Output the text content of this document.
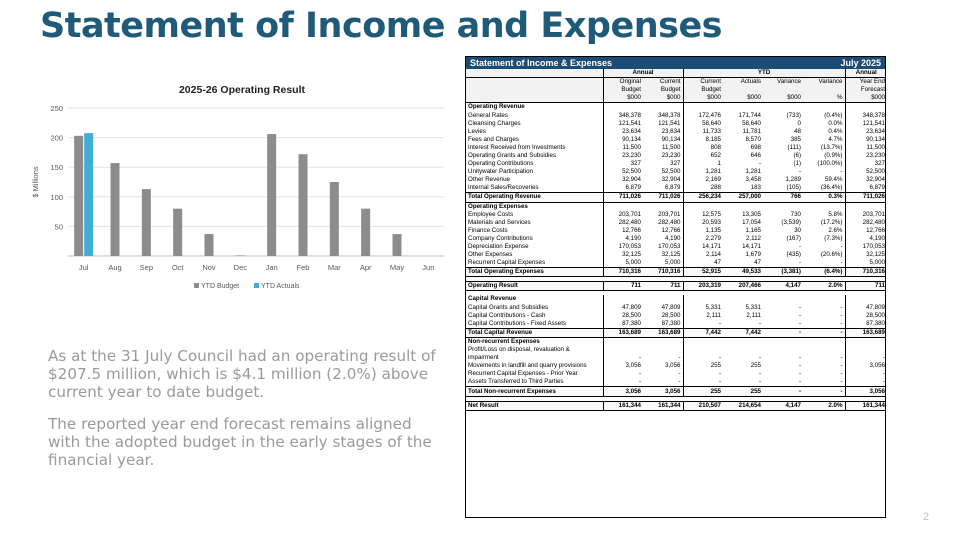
Statement of Income and Expenses
2025-26 Operating Result
50
100
150
200
250
$ Millions
Jul	Aug Sep	Oct	Nov Dec Jan	Feb Mar	Apr May Jun
YTD Budget	YTD Actuals
As at the 31 July Council had an operating result of $207.5 million, which is $4.1 million (2.0%) above current year to date budget.
The reported year end forecast remains aligned with the adopted budget in the early stages of the financial year.
Statement of Income & Expenses	July 2025
	Annual		YTD				Annual
	Original	Current	Current	Actuals	Variance	Variance	Year End
	Budget	Budget	Budget				Forecast
	$000	$000	$000	$000	$000	%	$000
Operating Revenue							
General Rates	348,378	348,378	172,476	171,744	(733)	(0.4%)	348,378
Cleansing Charges	121,541	121,541	58,640	58,640	0	0.0%	121,541
Levies	23,634	23,634	11,733	11,781	48	0.4%	23,634
Fees and Charges	90,134	90,134	8,185	8,570	385	4.7%	90,134
Interest Received from Investments	11,500	11,500	808	698	(111)	(13.7%)	11,500
Operating Grants and Subsidies	23,230	23,230	652	646	(6)	(0.9%)	23,230
Operating Contributions	327	327	1	-	(1)	(100.0%)	327
Unitywater Participation	52,500	52,500	1,281	1,281	-	-	52,500
Other Revenue	32,904	32,904	2,169	3,458	1,289	59.4%	32,904
Internal Sales/Recoveries	6,879	6,879	288	183	(105)	(36.4%)	6,879
Total Operating Revenue	711,026	711,026	256,234	257,000	766	0.3%	711,026
Operating Expenses							
Employee Costs	203,701	203,701	12,575	13,305	730	5.8%	203,701
Materials and Services	282,480	282,480	20,593	17,054	(3,539)	(17.2%)	282,480
Finance Costs	12,766	12,766	1,135	1,165	30	2.6%	12,766
Company Contributions	4,190	4,190	2,279	2,112	(167)	(7.3%)	4,190
Depreciation Expense	170,053	170,053	14,171	14,171	-	-	170,053
Other Expenses	32,125	32,125	2,114	1,679	(435)	(20.6%)	32,125
Recurrent Capital Expenses	5,000	5,000	47	47	-	-	5,000
Total Operating Expenses	710,316	710,316	52,915	49,533	(3,381)	(6.4%)	710,316

Operating Result	711	711	203,319	207,466	4,147	2.0%	711

Capital Revenue							
Capital Grants and Subsidies	47,809	47,809	5,331	5,331	-	-	47,809
Capital Contributions - Cash	28,500	28,500	2,111	2,111	-	-	28,500
Capital Contributions - Fixed Assets	87,380	87,380	-	-	-	-	87,380
Total Capital Revenue	163,689	163,689	7,442	7,442	-	-	163,689
Non-recurrent Expenses							
Profit/Loss on disposal, revaluation &							
impairment	-	-	-	-	-	-	-
Movements in landfill and quarry provisions	3,056	3,056	255	255	-	-	3,056
Recurrent Capital Expenses - Prior Year	-	-	-	-	-	-	-
Assets Transferred to Third Parties	-	-	-	-	-	-	-
Total Non-recurrent Expenses	3,056	3,056	255	255	-	-	3,056

Net Result	161,344	161,344	210,507	214,654	4,147	2.0%	161,344
2
